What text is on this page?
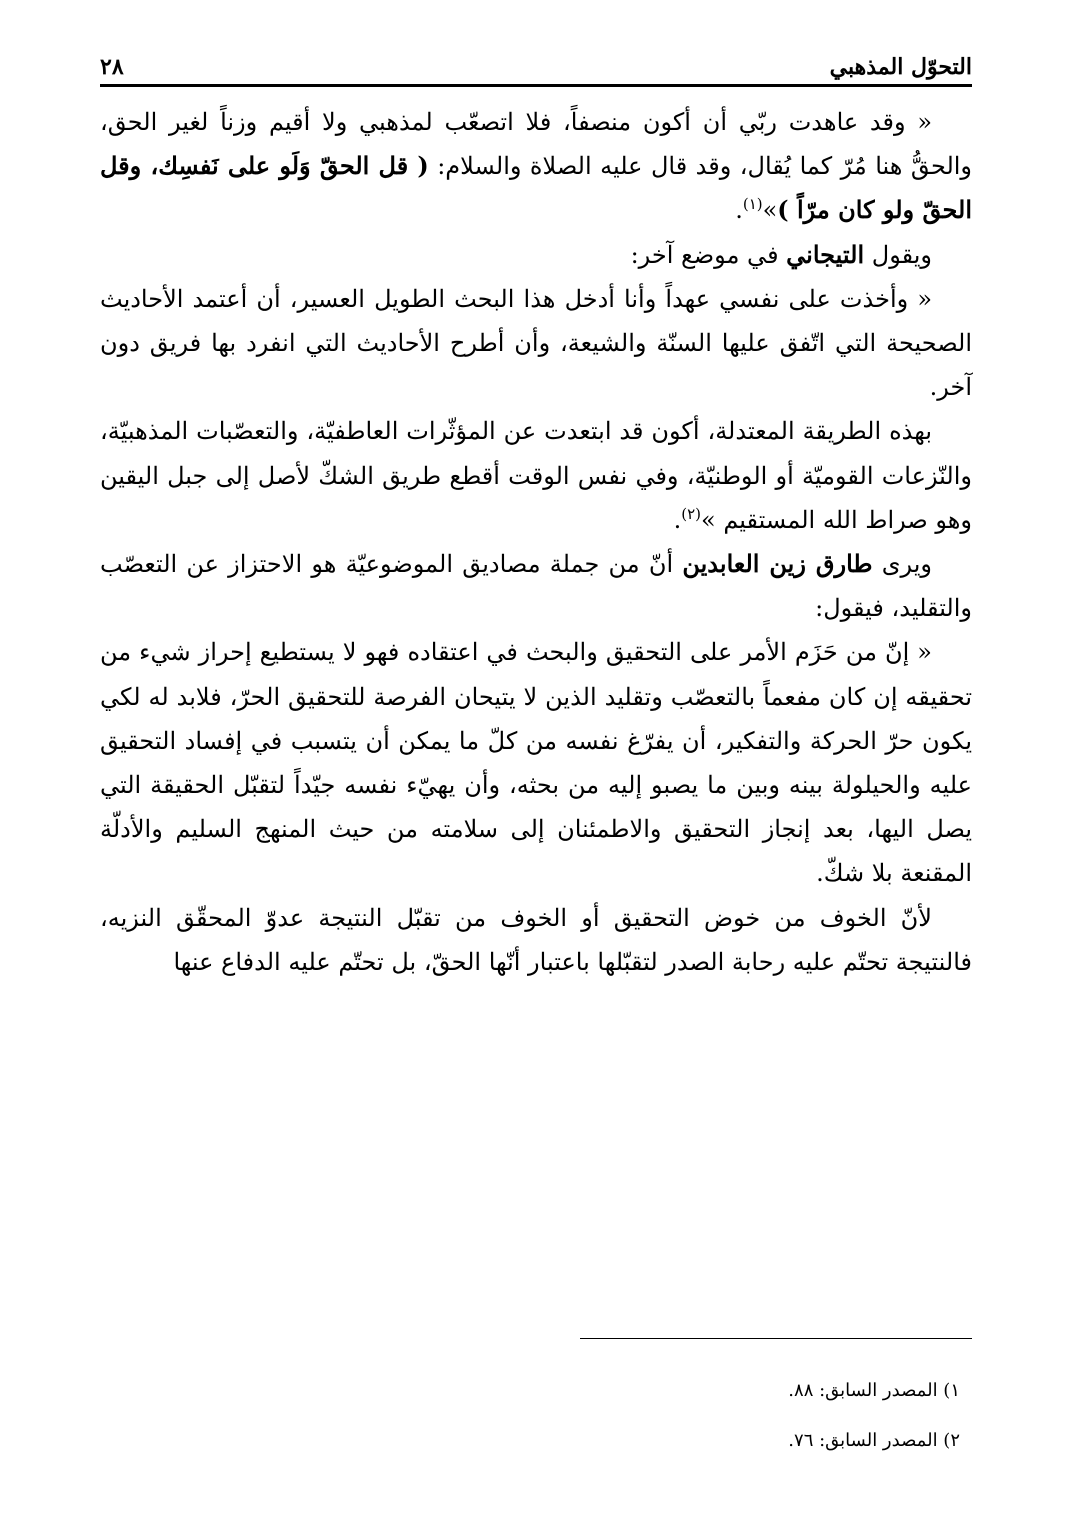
التحوّل المذهبي
٢٨

« وقد عاهدت ربّي أن أكون منصفاً، فلا اتصعّب لمذهبي ولا أقيم وزناً لغير الحق، والحقُّ هنا مُرّ كما يُقال، وقد قال عليه الصلاة والسلام: ( قل الحقّ وَلَو على نَفسِك، وقل الحقّ ولو كان مرّاً )»$^{(١)}$.

ويقول التيجاني في موضع آخر:

« وأخذت على نفسي عهداً وأنا أدخل هذا البحث الطويل العسير، أن أعتمد الأحاديث الصحيحة التي اتّفق عليها السنّة والشيعة، وأن أطرح الأحاديث التي انفرد بها فريق دون آخر.

بهذه الطريقة المعتدلة، أكون قد ابتعدت عن المؤثّرات العاطفيّة، والتعصّبات المذهبيّة، والنّزعات القوميّة أو الوطنيّة، وفي نفس الوقت أقطع طريق الشكّ لأصل إلى جبل اليقين وهو صراط الله المستقيم »$^{(٢)}$.

ويرى طارق زين العابدين أنّ من جملة مصاديق الموضوعيّة هو الاحتزاز عن التعصّب والتقليد، فيقول:

« إنّ من حَزَم الأمر على التحقيق والبحث في اعتقاده فهو لا يستطيع إحراز شيء من تحقيقه إن كان مفعماً بالتعصّب وتقليد الذين لا يتيحان الفرصة للتحقيق الحرّ، فلابد له لكي يكون حرّ الحركة والتفكير، أن يفرّغ نفسه من كلّ ما يمكن أن يتسبب في إفساد التحقيق عليه والحيلولة بينه وبين ما يصبو إليه من بحثه، وأن يهيّء نفسه جيّداً لتقبّل الحقيقة التي يصل اليها، بعد إنجاز التحقيق والاطمئنان إلى سلامته من حيث المنهج السليم والأدلّة المقنعة بلا شكّ.

لأنّ الخوف من خوض التحقيق أو الخوف من تقبّل النتيجة عدوّ المحقّق النزيه، فالنتيجة تحتّم عليه رحابة الصدر لتقبّلها باعتبار أنّها الحقّ، بل تحتّم عليه الدفاع عنها

١) المصدر السابق: ٨٨.

٢) المصدر السابق: ٧٦.
